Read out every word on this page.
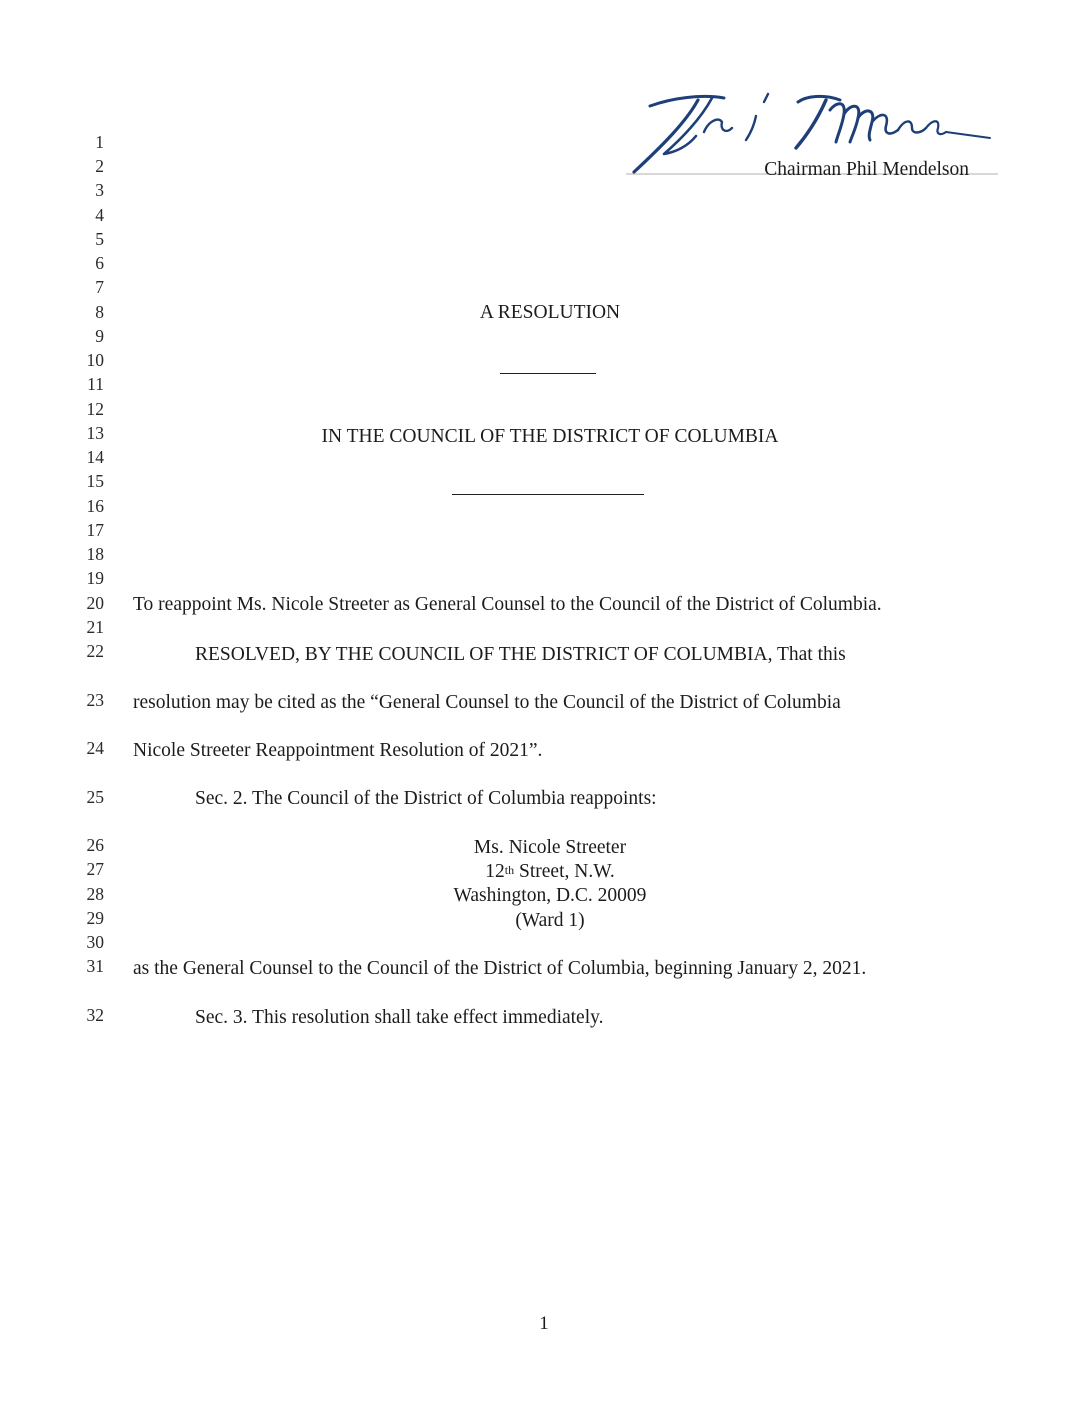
Chairman Phil Mendelson
1
2
3
4
5
6
7
8
9
10
11
12
13
14
15
16
17
18
19
20
21
22
23
24
25
26
27
28
29
30
31
32
A RESOLUTION
IN THE COUNCIL OF THE DISTRICT OF COLUMBIA
To reappoint Ms. Nicole Streeter as General Counsel to the Council of the District of Columbia.
RESOLVED, BY THE COUNCIL OF THE DISTRICT OF COLUMBIA, That this
resolution may be cited as the “General Counsel to the Council of the District of Columbia
Nicole Streeter Reappointment Resolution of 2021”.
Sec. 2. The Council of the District of Columbia reappoints:
Ms. Nicole Streeter
12th Street, N.W.
Washington, D.C. 20009
(Ward 1)
as the General Counsel to the Council of the District of Columbia, beginning January 2, 2021.
Sec. 3. This resolution shall take effect immediately.
1
